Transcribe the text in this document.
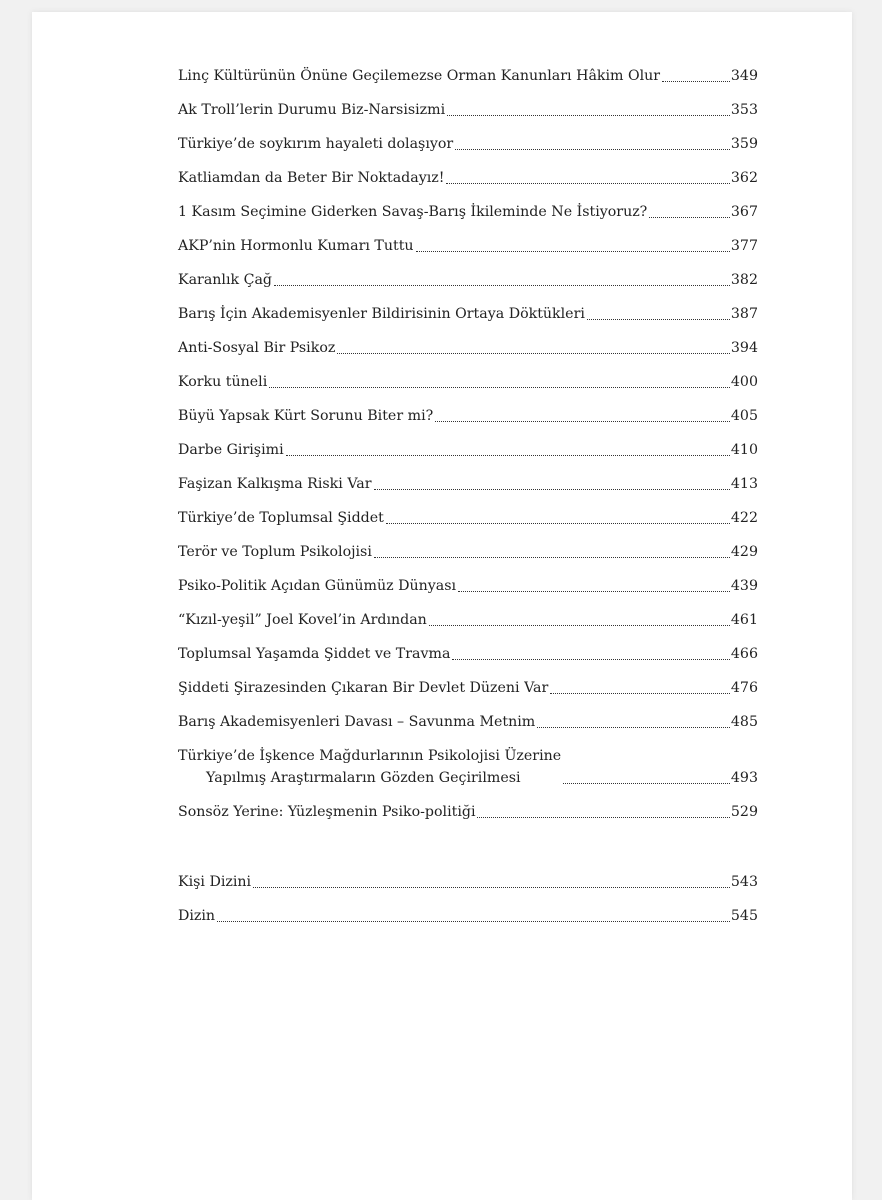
Linç Kültürünün Önüne Geçilemezse Orman Kanunları Hâkim Olur	349
Ak Troll’lerin Durumu Biz-Narsisizmi	353
Türkiye’de soykırım hayaleti dolaşıyor	359
Katliamdan da Beter Bir Noktadayız!	362
1 Kasım Seçimine Giderken Savaş-Barış İkileminde Ne İstiyoruz?	367
AKP’nin Hormonlu Kumarı Tuttu	377
Karanlık Çağ	382
Barış İçin Akademisyenler Bildirisinin Ortaya Döktükleri	387
Anti-Sosyal Bir Psikoz	394
Korku tüneli	400
Büyü Yapsak Kürt Sorunu Biter mi?	405
Darbe Girişimi	410
Faşizan Kalkışma Riski Var	413
Türkiye’de Toplumsal Şiddet	422
Terör ve Toplum Psikolojisi	429
Psiko-Politik Açıdan Günümüz Dünyası	439
“Kızıl-yeşil” Joel Kovel’in Ardından	461
Toplumsal Yaşamda Şiddet ve Travma	466
Şiddeti Şirazesinden Çıkaran Bir Devlet Düzeni Var	476
Barış Akademisyenleri Davası – Savunma Metnim	485
Türkiye’de İşkence Mağdurlarının Psikolojisi Üzerine
Yapılmış Araştırmaların Gözden Geçirilmesi	493
Sonsöz Yerine: Yüzleşmenin Psiko-politiği	529
Kişi Dizini	543
Dizin	545
